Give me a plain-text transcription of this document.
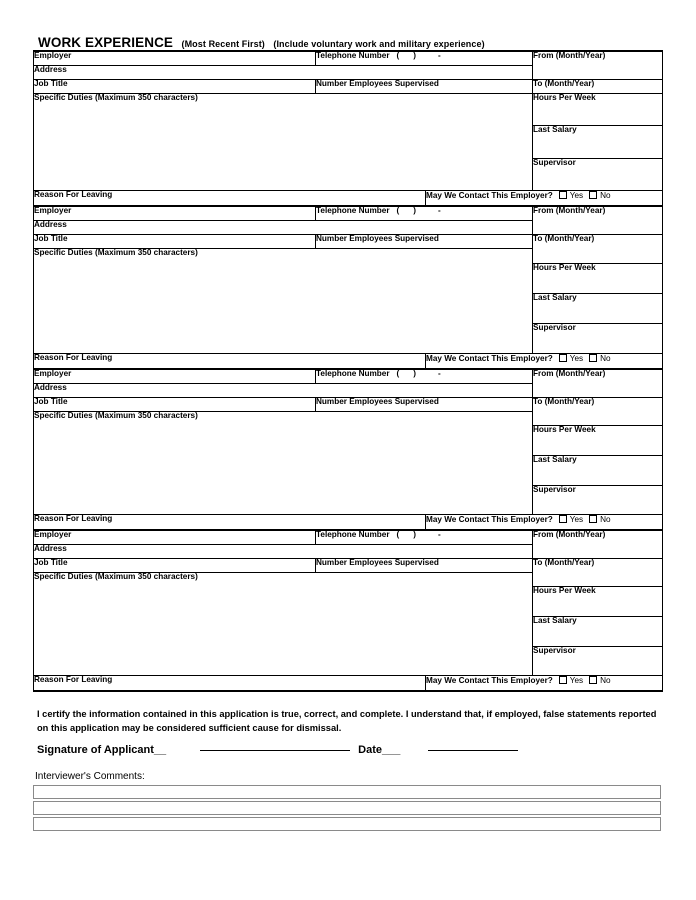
WORK EXPERIENCE (Most Recent First) (Include voluntary work and military experience)
Employer	Telephone Number ( ) -		From (Month/Year)
Address			
Job Title	Number Employees Supervised		To (Month/Year)
Specific Duties (Maximum 350 characters)			
			Hours Per Week
			Last Salary
			Supervisor
Reason For Leaving		May We Contact This Employer? Yes No	
Employer	Telephone Number ( ) -		From (Month/Year)
Address			
Job Title	Number Employees Supervised		To (Month/Year)
Specific Duties (Maximum 350 characters)			
			Hours Per Week
			Last Salary
			Supervisor
Reason For Leaving		May We Contact This Employer? Yes No	
Employer	Telephone Number ( ) -		From (Month/Year)
Address			
Job Title	Number Employees Supervised		To (Month/Year)
Specific Duties (Maximum 350 characters)			
			Hours Per Week
			Last Salary
			Supervisor
Reason For Leaving		May We Contact This Employer? Yes No	
Employer	Telephone Number ( ) -		From (Month/Year)
Address			
Job Title	Number Employees Supervised		To (Month/Year)
Specific Duties (Maximum 350 characters)			
			Hours Per Week
			Last Salary
			Supervisor
Reason For Leaving		May We Contact This Employer? Yes No	
I certify the information contained in this application is true, correct, and complete. I understand that, if employed, false statements reported on this application may be considered sufficient cause for dismissal.
Signature of Applicant__	Date___
Interviewer's Comments:
